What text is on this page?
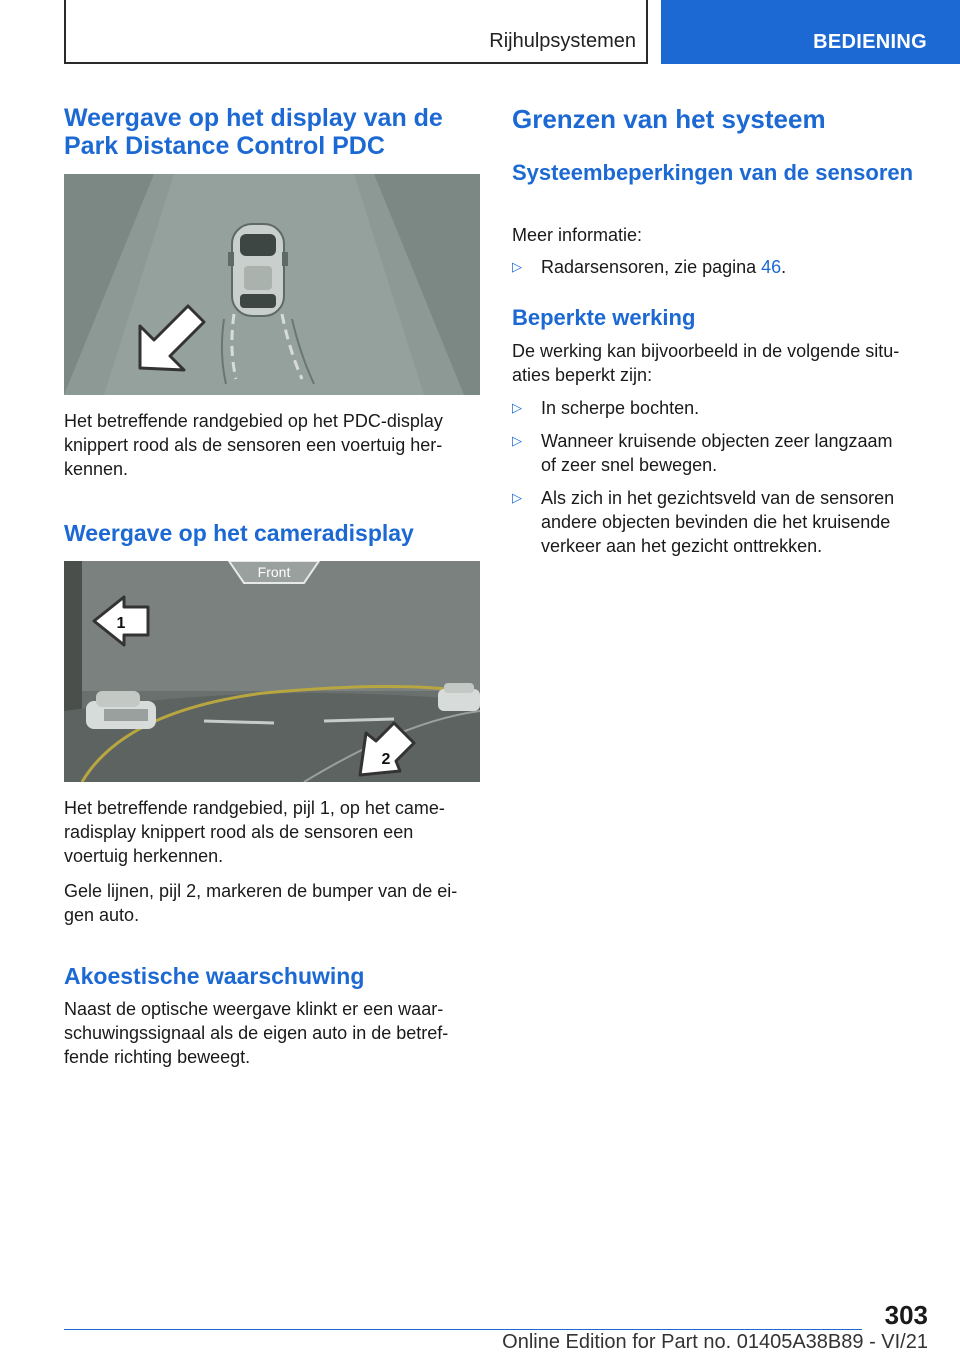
Rijhulpsystemen	BEDIENING
Weergave op het display van de Park Distance Control PDC

Het betreffende randgebied op het PDC-display knippert rood als de sensoren een voertuig her-kennen.

Weergave op het cameradisplay
Front
1
2

Het betreffende randgebied, pijl 1, op het came-radisplay knippert rood als de sensoren een voertuig herkennen.

Gele lijnen, pijl 2, markeren de bumper van de ei-gen auto.

Akoestische waarschuwing

Naast de optische weergave klinkt er een waar-schuwingssignaal als de eigen auto in de betref-fende richting beweegt.

Grenzen van het systeem
Systeembeperkingen van de sensoren

Meer informatie:

▷ Radarsensoren, zie pagina 46.
Beperkte werking

De werking kan bijvoorbeeld in de volgende situ-aties beperkt zijn:

▷ In scherpe bochten.
▷ Wanneer kruisende objecten zeer langzaam of zeer snel bewegen.
▷ Als zich in het gezichtsveld van de sensoren andere objecten bevinden die het kruisende verkeer aan het gezicht onttrekken.
303
Online Edition for Part no. 01405A38B89 - VI/21
